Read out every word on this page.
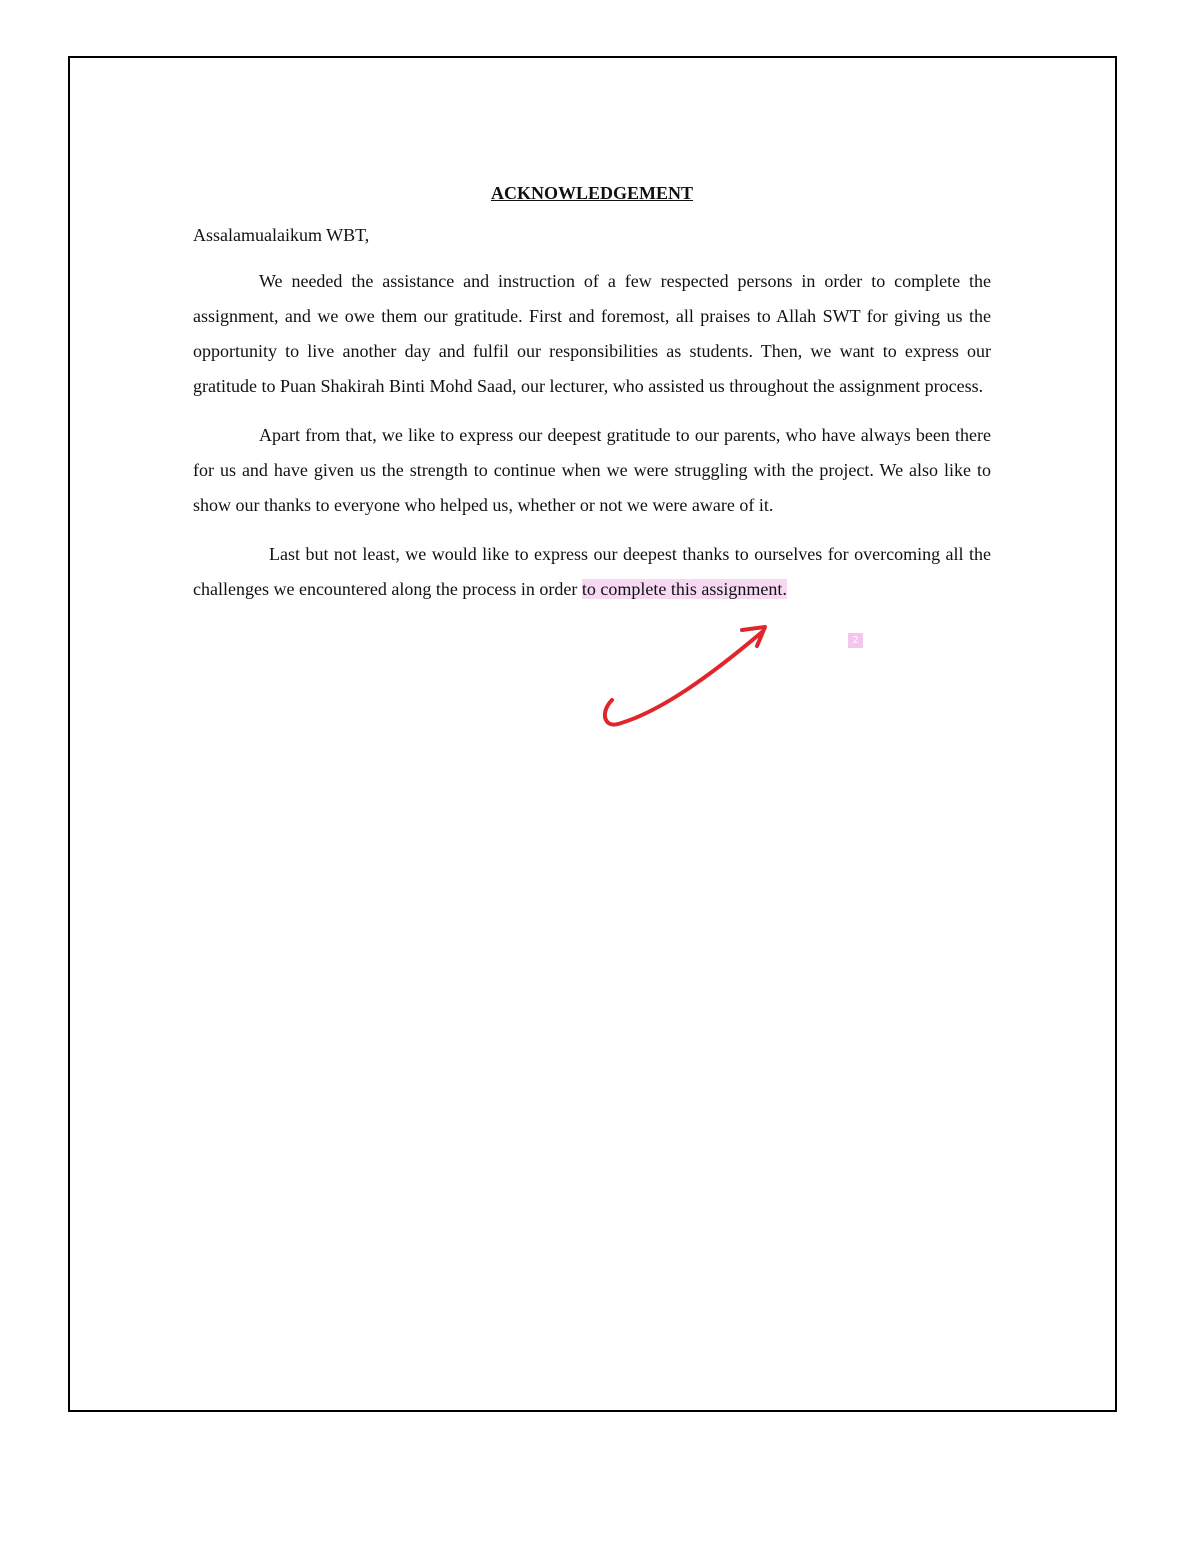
ACKNOWLEDGEMENT

Assalamualaikum WBT,

We needed the assistance and instruction of a few respected persons in order to complete the assignment, and we owe them our gratitude. First and foremost, all praises to Allah SWT for giving us the opportunity to live another day and fulfil our responsibilities as students. Then, we want to express our gratitude to Puan Shakirah Binti Mohd Saad, our lecturer, who assisted us throughout the assignment process.

Apart from that, we like to express our deepest gratitude to our parents, who have always been there for us and have given us the strength to continue when we were struggling with the project. We also like to show our thanks to everyone who helped us, whether or not we were aware of it.

Last but not least, we would like to express our deepest thanks to ourselves for overcoming all the challenges we encountered along the process in order to complete this assignment.

2
